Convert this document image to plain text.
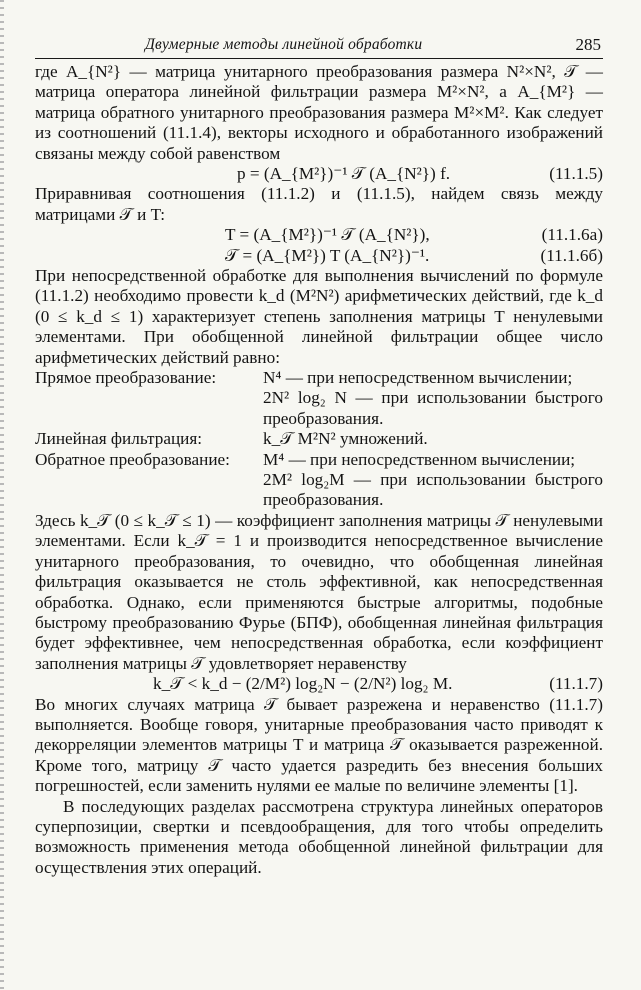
Двумерные методы линейной обработки	285
где A_{N²} — матрица унитарного преобразования размера N²×N², 𝒯 — матрица оператора линейной фильтрации размера M²×N², а A_{M²} — матрица обратного унитарного преобразования размера M²×M². Как следует из соотношений (11.1.4), векторы исходного и обработанного изображений связаны между собой равенством
p = (A_{M²})⁻¹ 𝒯 (A_{N²}) f.	(11.1.5)
Приравнивая соотношения (11.1.2) и (11.1.5), найдем связь между матрицами 𝒯 и T:
T = (A_{M²})⁻¹ 𝒯 (A_{N²}),	(11.1.6a)
𝒯 = (A_{M²}) T (A_{N²})⁻¹.	(11.1.6б)
При непосредственной обработке для выполнения вычислений по формуле (11.1.2) необходимо провести k_d (M²N²) арифметических действий, где k_d (0 ≤ k_d ≤ 1) характеризует степень заполнения матрицы T ненулевыми элементами. При обобщенной линейной фильтрации общее число арифметических действий равно:
Прямое преобразование:	N⁴ — при непосредственном вычислении;
2N² log₂ N — при использовании быстрого преобразования.
Линейная фильтрация:	k_𝒯 M²N² умножений.
Обратное преобразование:	M⁴ — при непосредственном вычислении;
2M² log₂M — при использовании быстрого преобразования.
Здесь k_𝒯 (0 ≤ k_𝒯 ≤ 1) — коэффициент заполнения матрицы 𝒯 ненулевыми элементами. Если k_𝒯 = 1 и производится непосредственное вычисление унитарного преобразования, то очевидно, что обобщенная линейная фильтрация оказывается не столь эффективной, как непосредственная обработка. Однако, если применяются быстрые алгоритмы, подобные быстрому преобразованию Фурье (БПФ), обобщенная линейная фильтрация будет эффективнее, чем непосредственная обработка, если коэффициент заполнения матрицы 𝒯 удовлетворяет неравенству
k_𝒯 < k_d − (2/M²) log₂N − (2/N²) log₂ M.	(11.1.7)
Во многих случаях матрица 𝒯 бывает разрежена и неравенство (11.1.7) выполняется. Вообще говоря, унитарные преобразования часто приводят к декорреляции элементов матрицы T и матрица 𝒯 оказывается разреженной. Кроме того, матрицу 𝒯 часто удается разредить без внесения больших погрешностей, если заменить нулями ее малые по величине элементы [1].
В последующих разделах рассмотрена структура линейных операторов суперпозиции, свертки и псевдообращения, для того чтобы определить возможность применения метода обобщенной линейной фильтрации для осуществления этих операций.
